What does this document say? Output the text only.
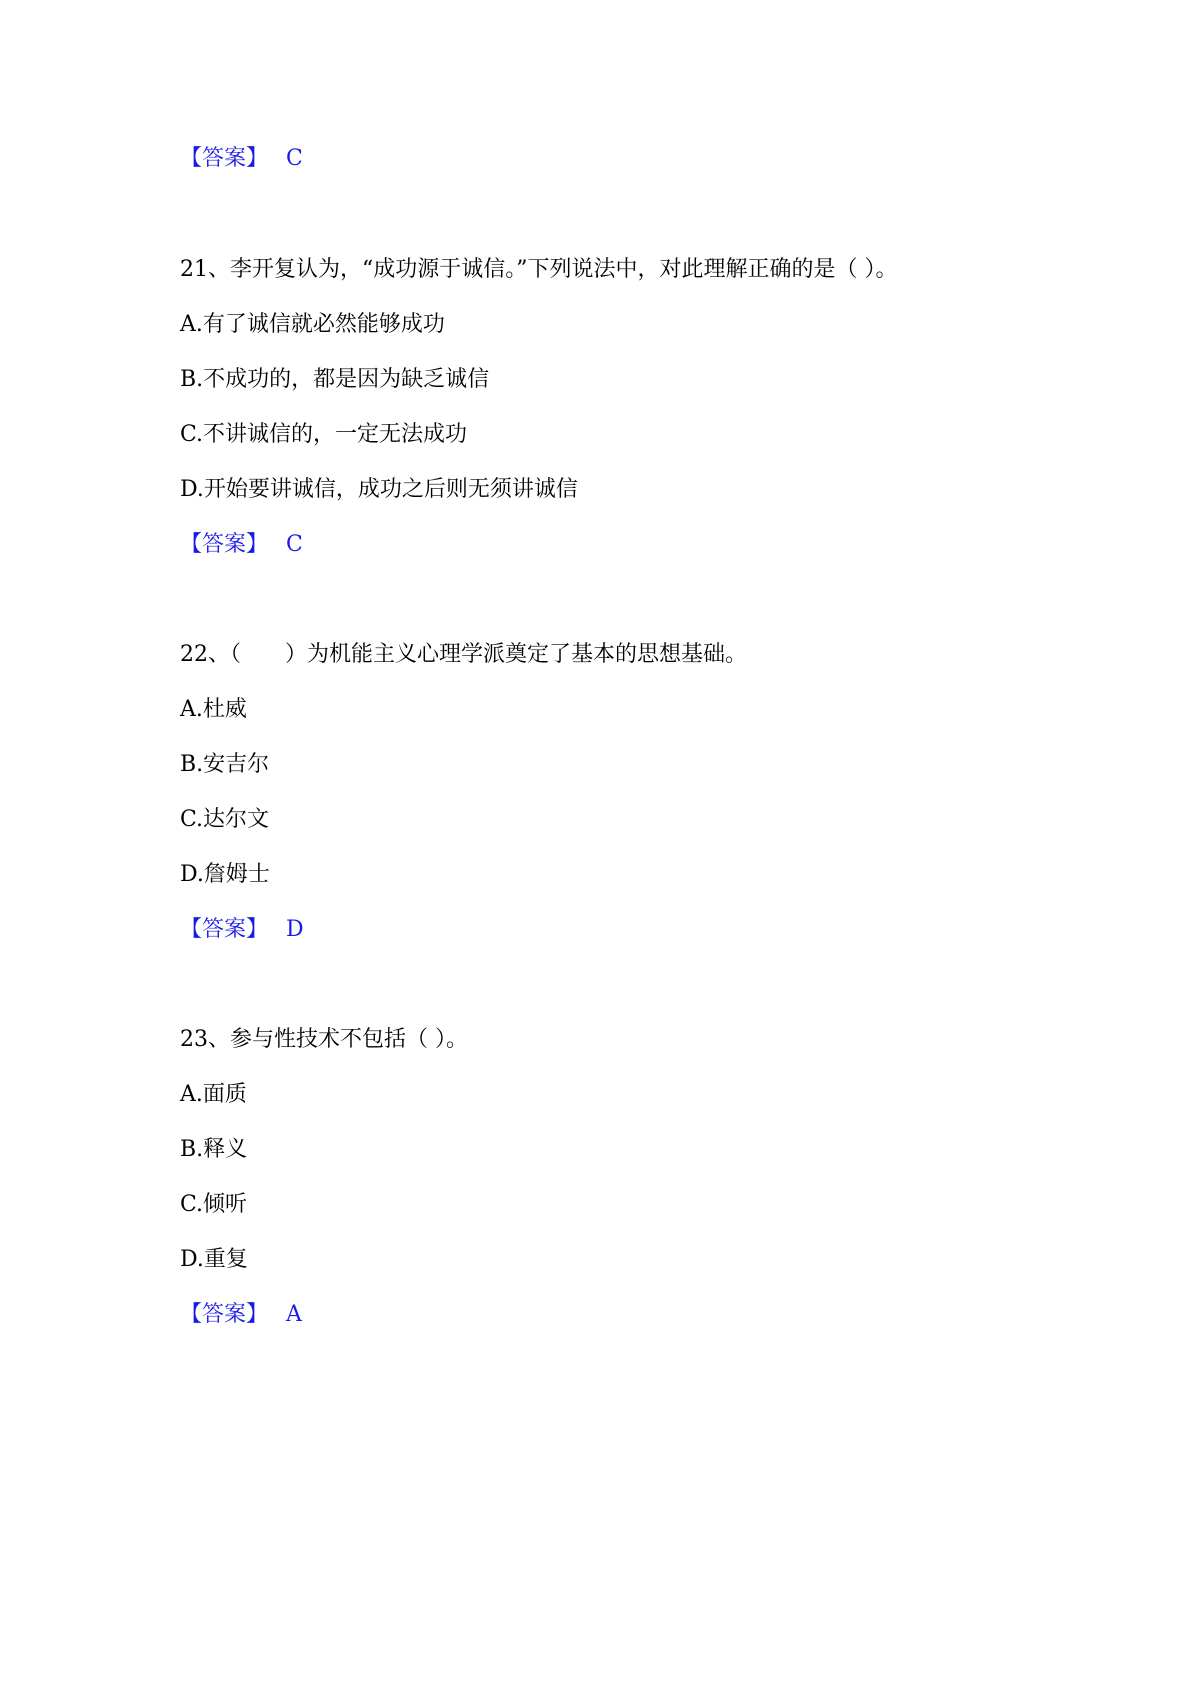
【答案】 C
21、李开复认为，“成功源于诚信。”下列说法中，对此理解正确的是（ ）。
A.有了诚信就必然能够成功
B.不成功的，都是因为缺乏诚信
C.不讲诚信的，一定无法成功
D.开始要讲诚信，成功之后则无须讲诚信
【答案】 C
22、（　　）为机能主义心理学派奠定了基本的思想基础。
A.杜威
B.安吉尔
C.达尔文
D.詹姆士
【答案】 D
23、参与性技术不包括（ ）。
A.面质
B.释义
C.倾听
D.重复
【答案】 A
